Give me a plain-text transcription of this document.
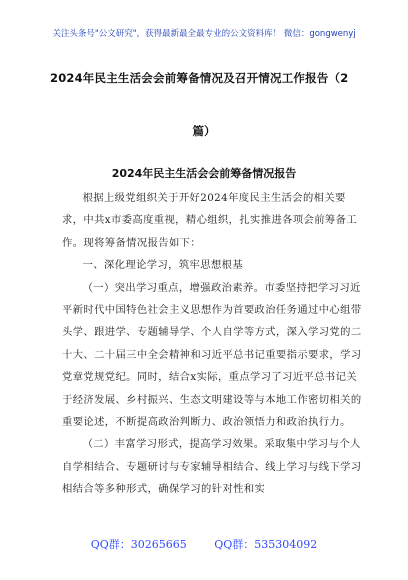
关注头条号"公文研究"，获得最新最全最专业的公文资料库！ 微信：gongwenyj
2024年民主生活会会前筹备情况及召开情况工作报告（2
篇）
2024年民主生活会会前筹备情况报告

根据上级党组织关于开好2024年度民主生活会的相关要求，中共x市委高度重视，精心组织，扎实推进各项会前筹备工作。现将筹备情况报告如下：

一、深化理论学习，筑牢思想根基

（一）突出学习重点，增强政治素养。市委坚持把学习习近平新时代中国特色社会主义思想作为首要政治任务通过中心组带头学、跟进学、专题辅导学、个人自学等方式，深入学习党的二十大、二十届三中全会精神和习近平总书记重要指示要求，学习党章党规党纪。同时，结合x实际，重点学习了习近平总书记关于经济发展、乡村振兴、生态文明建设等与本地工作密切相关的重要论述，不断提高政治判断力、政治领悟力和政治执行力。

（二）丰富学习形式，提高学习效果。采取集中学习与个人自学相结合、专题研讨与专家辅导相结合、线上学习与线下学习相结合等多种形式，确保学习的针对性和实

QQ群：30265665	QQ群：535304092
